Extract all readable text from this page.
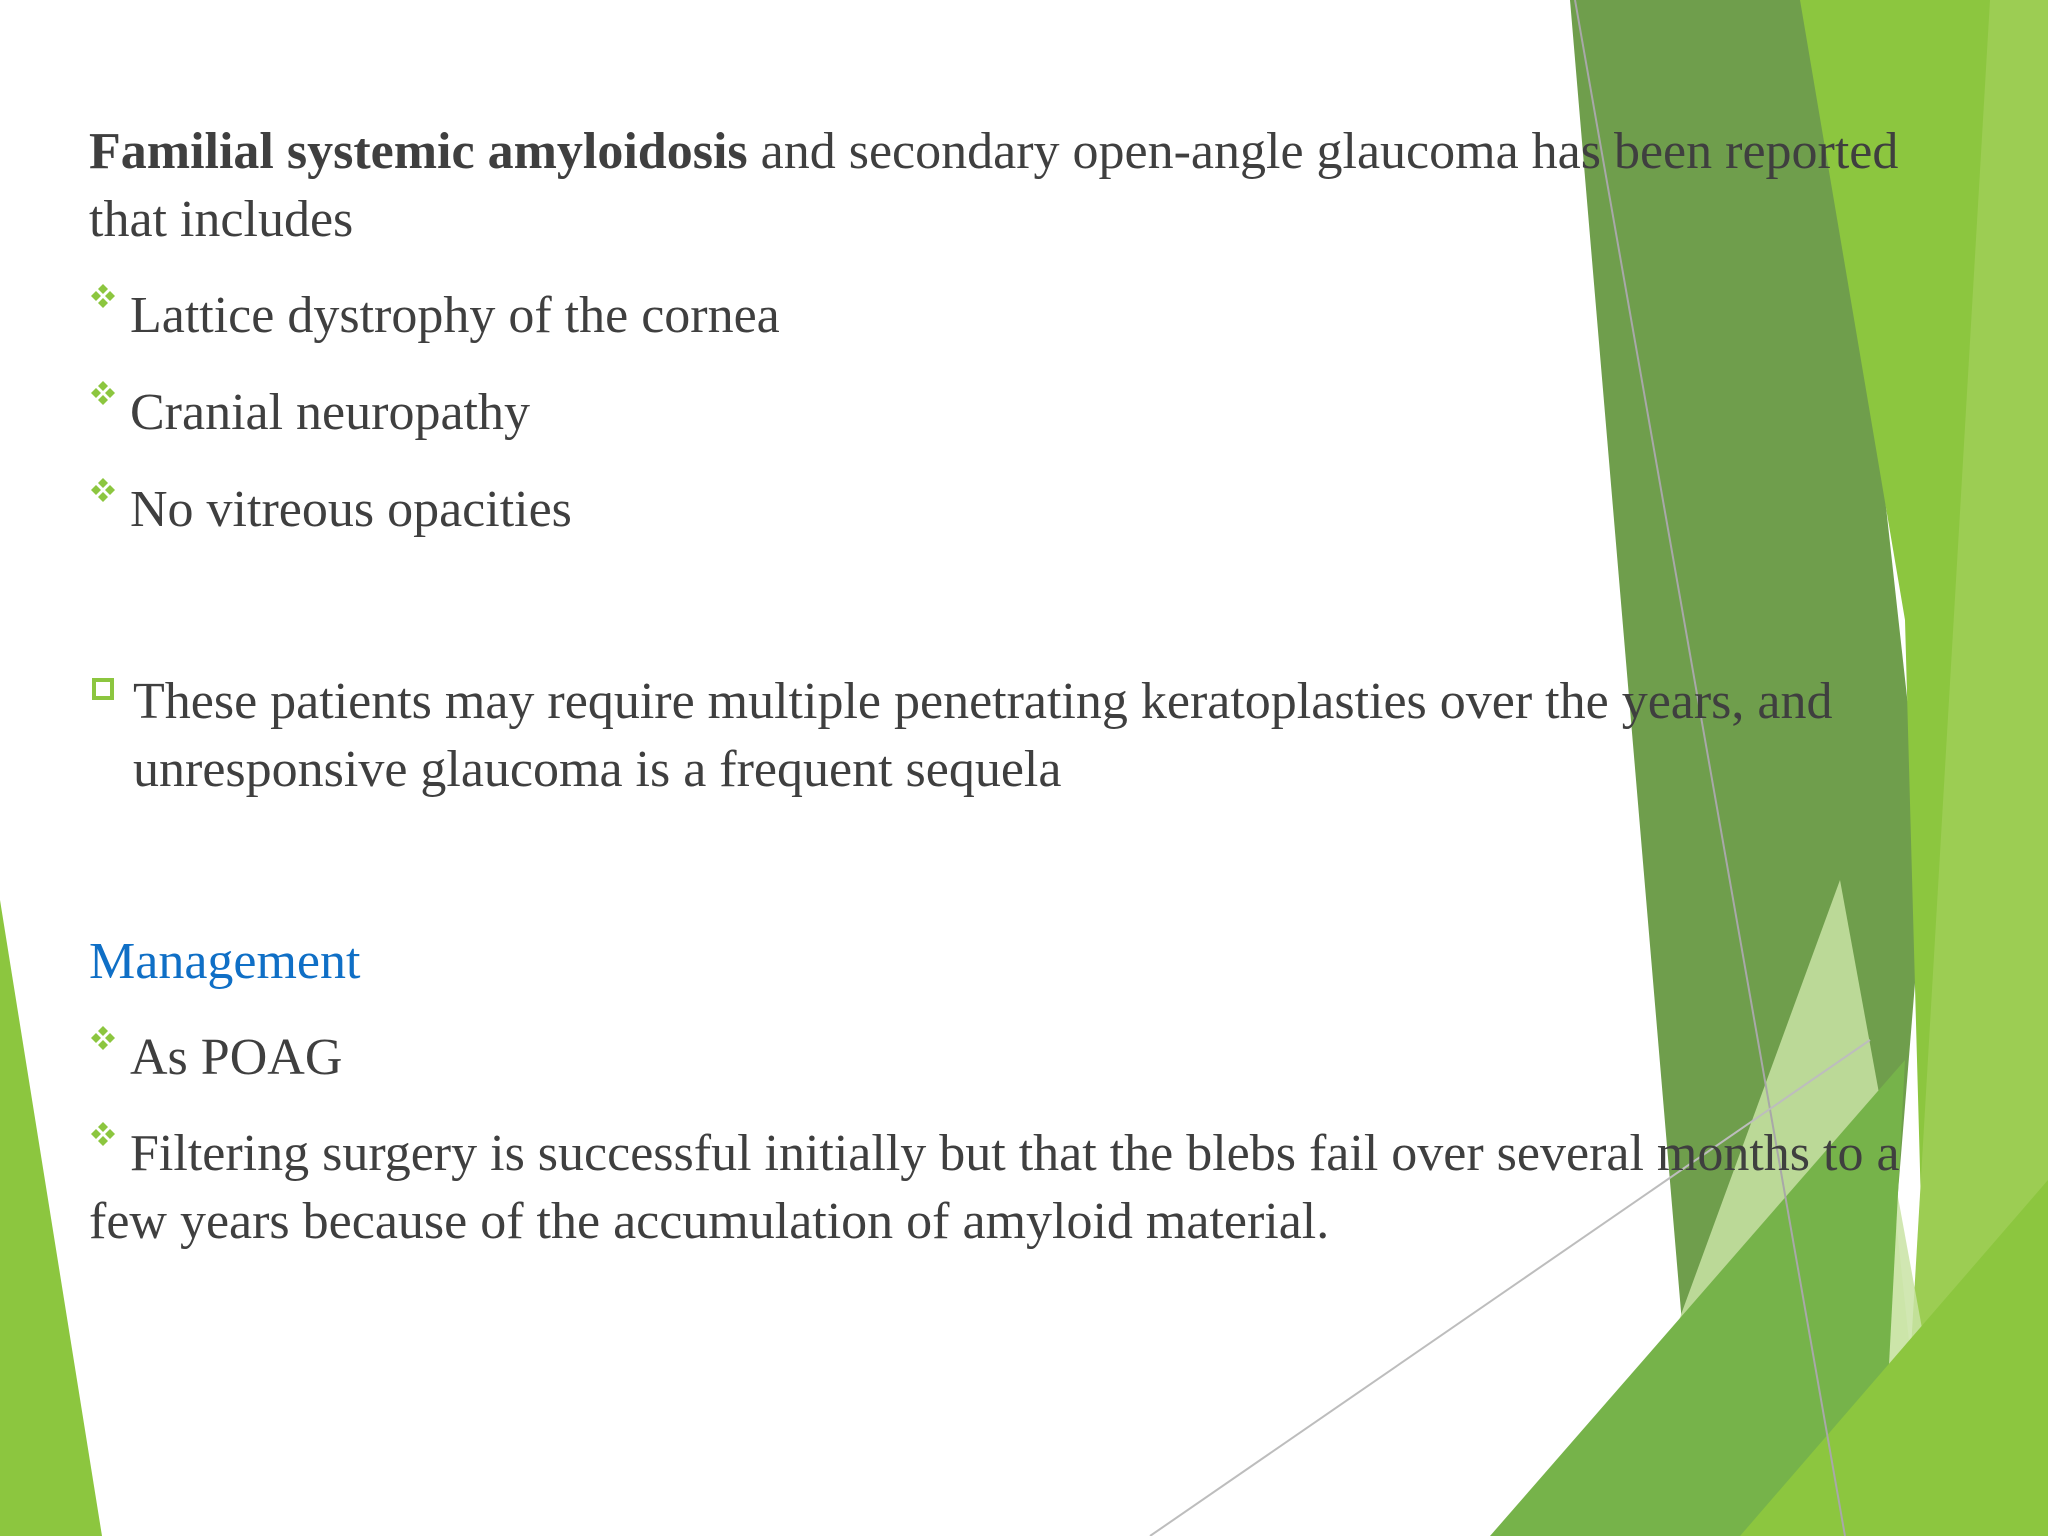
Familial systemic amyloidosis and secondary open-angle glaucoma has been reported that includes

Lattice dystrophy of the cornea

Cranial neuropathy

No vitreous opacities

These patients may require multiple penetrating keratoplasties over the years, and unresponsive glaucoma is a frequent sequela

Management

As POAG

Filtering surgery is successful initially but that the blebs fail over several months to a few years because of the accumulation of amyloid material.
